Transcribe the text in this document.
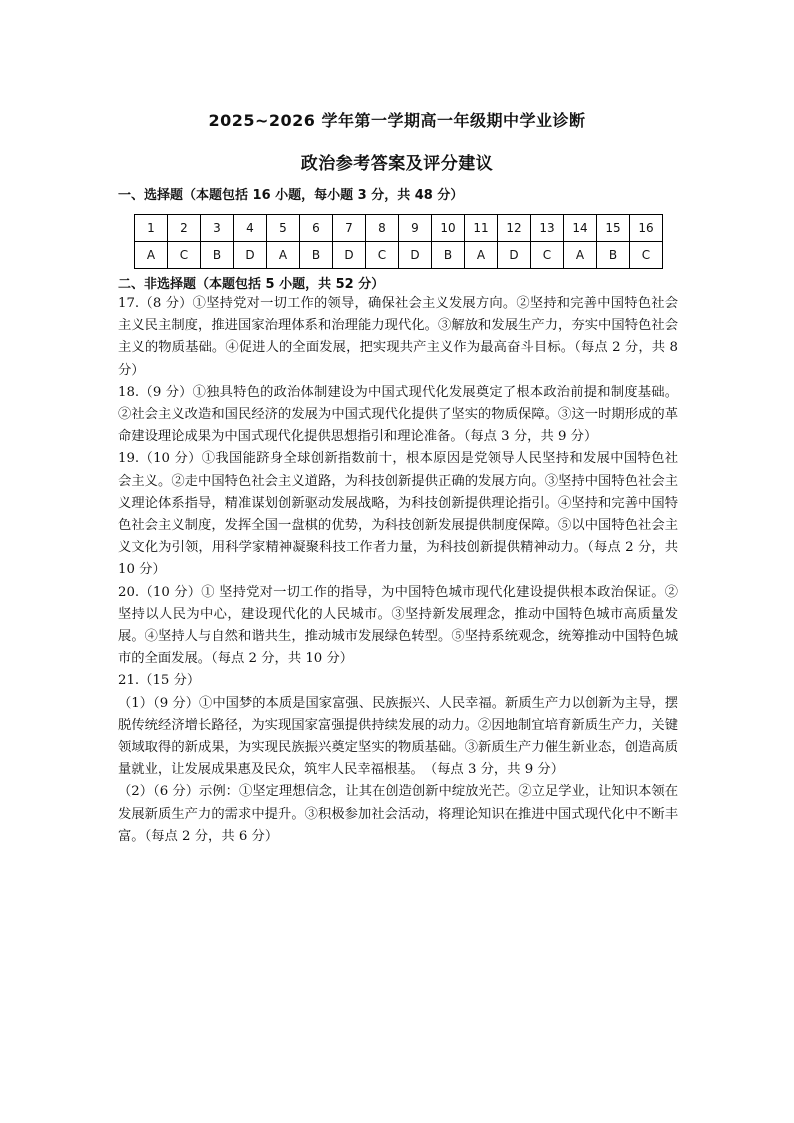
2025~2026 学年第一学期高一年级期中学业诊断
政治参考答案及评分建议
一、选择题（本题包括 16 小题，每小题 3 分，共 48 分）
1	2	3	4	5	6	7	8	9	10	11	12	13	14	15	16
A	C	B	D	A	B	D	C	D	B	A	D	C	A	B	C
二、非选择题（本题包括 5 小题，共 52 分）

17.（8 分）①坚持党对一切工作的领导，确保社会主义发展方向。②坚持和完善中国特色社会主义民主制度，推进国家治理体系和治理能力现代化。③解放和发展生产力，夯实中国特色社会主义的物质基础。④促进人的全面发展，把实现共产主义作为最高奋斗目标。（每点 2 分，共 8 分）

18.（9 分）①独具特色的政治体制建设为中国式现代化发展奠定了根本政治前提和制度基础。②社会主义改造和国民经济的发展为中国式现代化提供了坚实的物质保障。③这一时期形成的革命建设理论成果为中国式现代化提供思想指引和理论准备。（每点 3 分，共 9 分）

19.（10 分）①我国能跻身全球创新指数前十，根本原因是党领导人民坚持和发展中国特色社会主义。②走中国特色社会主义道路，为科技创新提供正确的发展方向。③坚持中国特色社会主义理论体系指导，精准谋划创新驱动发展战略，为科技创新提供理论指引。④坚持和完善中国特色社会主义制度，发挥全国一盘棋的优势，为科技创新发展提供制度保障。⑤以中国特色社会主义文化为引领，用科学家精神凝聚科技工作者力量，为科技创新提供精神动力。（每点 2 分，共 10 分）

20.（10 分）① 坚持党对一切工作的指导，为中国特色城市现代化建设提供根本政治保证。②坚持以人民为中心，建设现代化的人民城市。③坚持新发展理念，推动中国特色城市高质量发展。④坚持人与自然和谐共生，推动城市发展绿色转型。⑤坚持系统观念，统筹推动中国特色城市的全面发展。（每点 2 分，共 10 分）

21.（15 分）

（1）（9 分）①中国梦的本质是国家富强、民族振兴、人民幸福。新质生产力以创新为主导，摆脱传统经济增长路径，为实现国家富强提供持续发展的动力。②因地制宜培育新质生产力，关键领域取得的新成果，为实现民族振兴奠定坚实的物质基础。③新质生产力催生新业态，创造高质量就业，让发展成果惠及民众，筑牢人民幸福根基。　（每点 3 分，共 9 分）

（2）（6 分）示例：①坚定理想信念，让其在创造创新中绽放光芒。②立足学业，让知识本领在发展新质生产力的需求中提升。③积极参加社会活动，将理论知识在推进中国式现代化中不断丰富。（每点 2 分，共 6 分）
